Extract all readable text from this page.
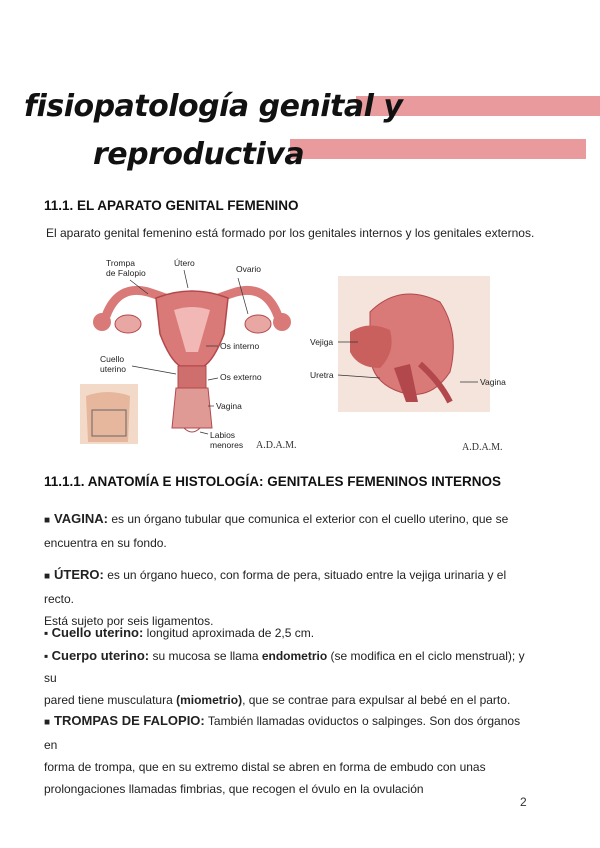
fisiopatología genital y
reproductiva
11.1. EL APARATO GENITAL FEMENINO

El aparato genital femenino está formado por los genitales internos y los genitales externos.

Trompa
de Falopio
Útero
Ovario
Cuello
uterino
Os interno
Os externo
Vagina
Labios
menores A.D.A.M.
Vejiga
Uretra
Vagina
A.D.A.M.
11.1.1. ANATOMÍA E HISTOLOGÍA: GENITALES FEMENINOS INTERNOS

■ VAGINA: es un órgano tubular que comunica el exterior con el cuello uterino, que se
encuentra en su fondo.

■ ÚTERO: es un órgano hueco, con forma de pera, situado entre la vejiga urinaria y el recto.
Está sujeto por seis ligamentos.

▪ Cuello uterino: longitud aproximada de 2,5 cm.

▪ Cuerpo uterino: su mucosa se llama endometrio (se modifica en el ciclo menstrual); y su
pared tiene musculatura (miometrio), que se contrae para expulsar al bebé en el parto.

■ TROMPAS DE FALOPIO: También llamadas oviductos o salpinges. Son dos órganos en
forma de trompa, que en su extremo distal se abren en forma de embudo con unas
prolongaciones llamadas fimbrias, que recogen el óvulo en la ovulación

2
